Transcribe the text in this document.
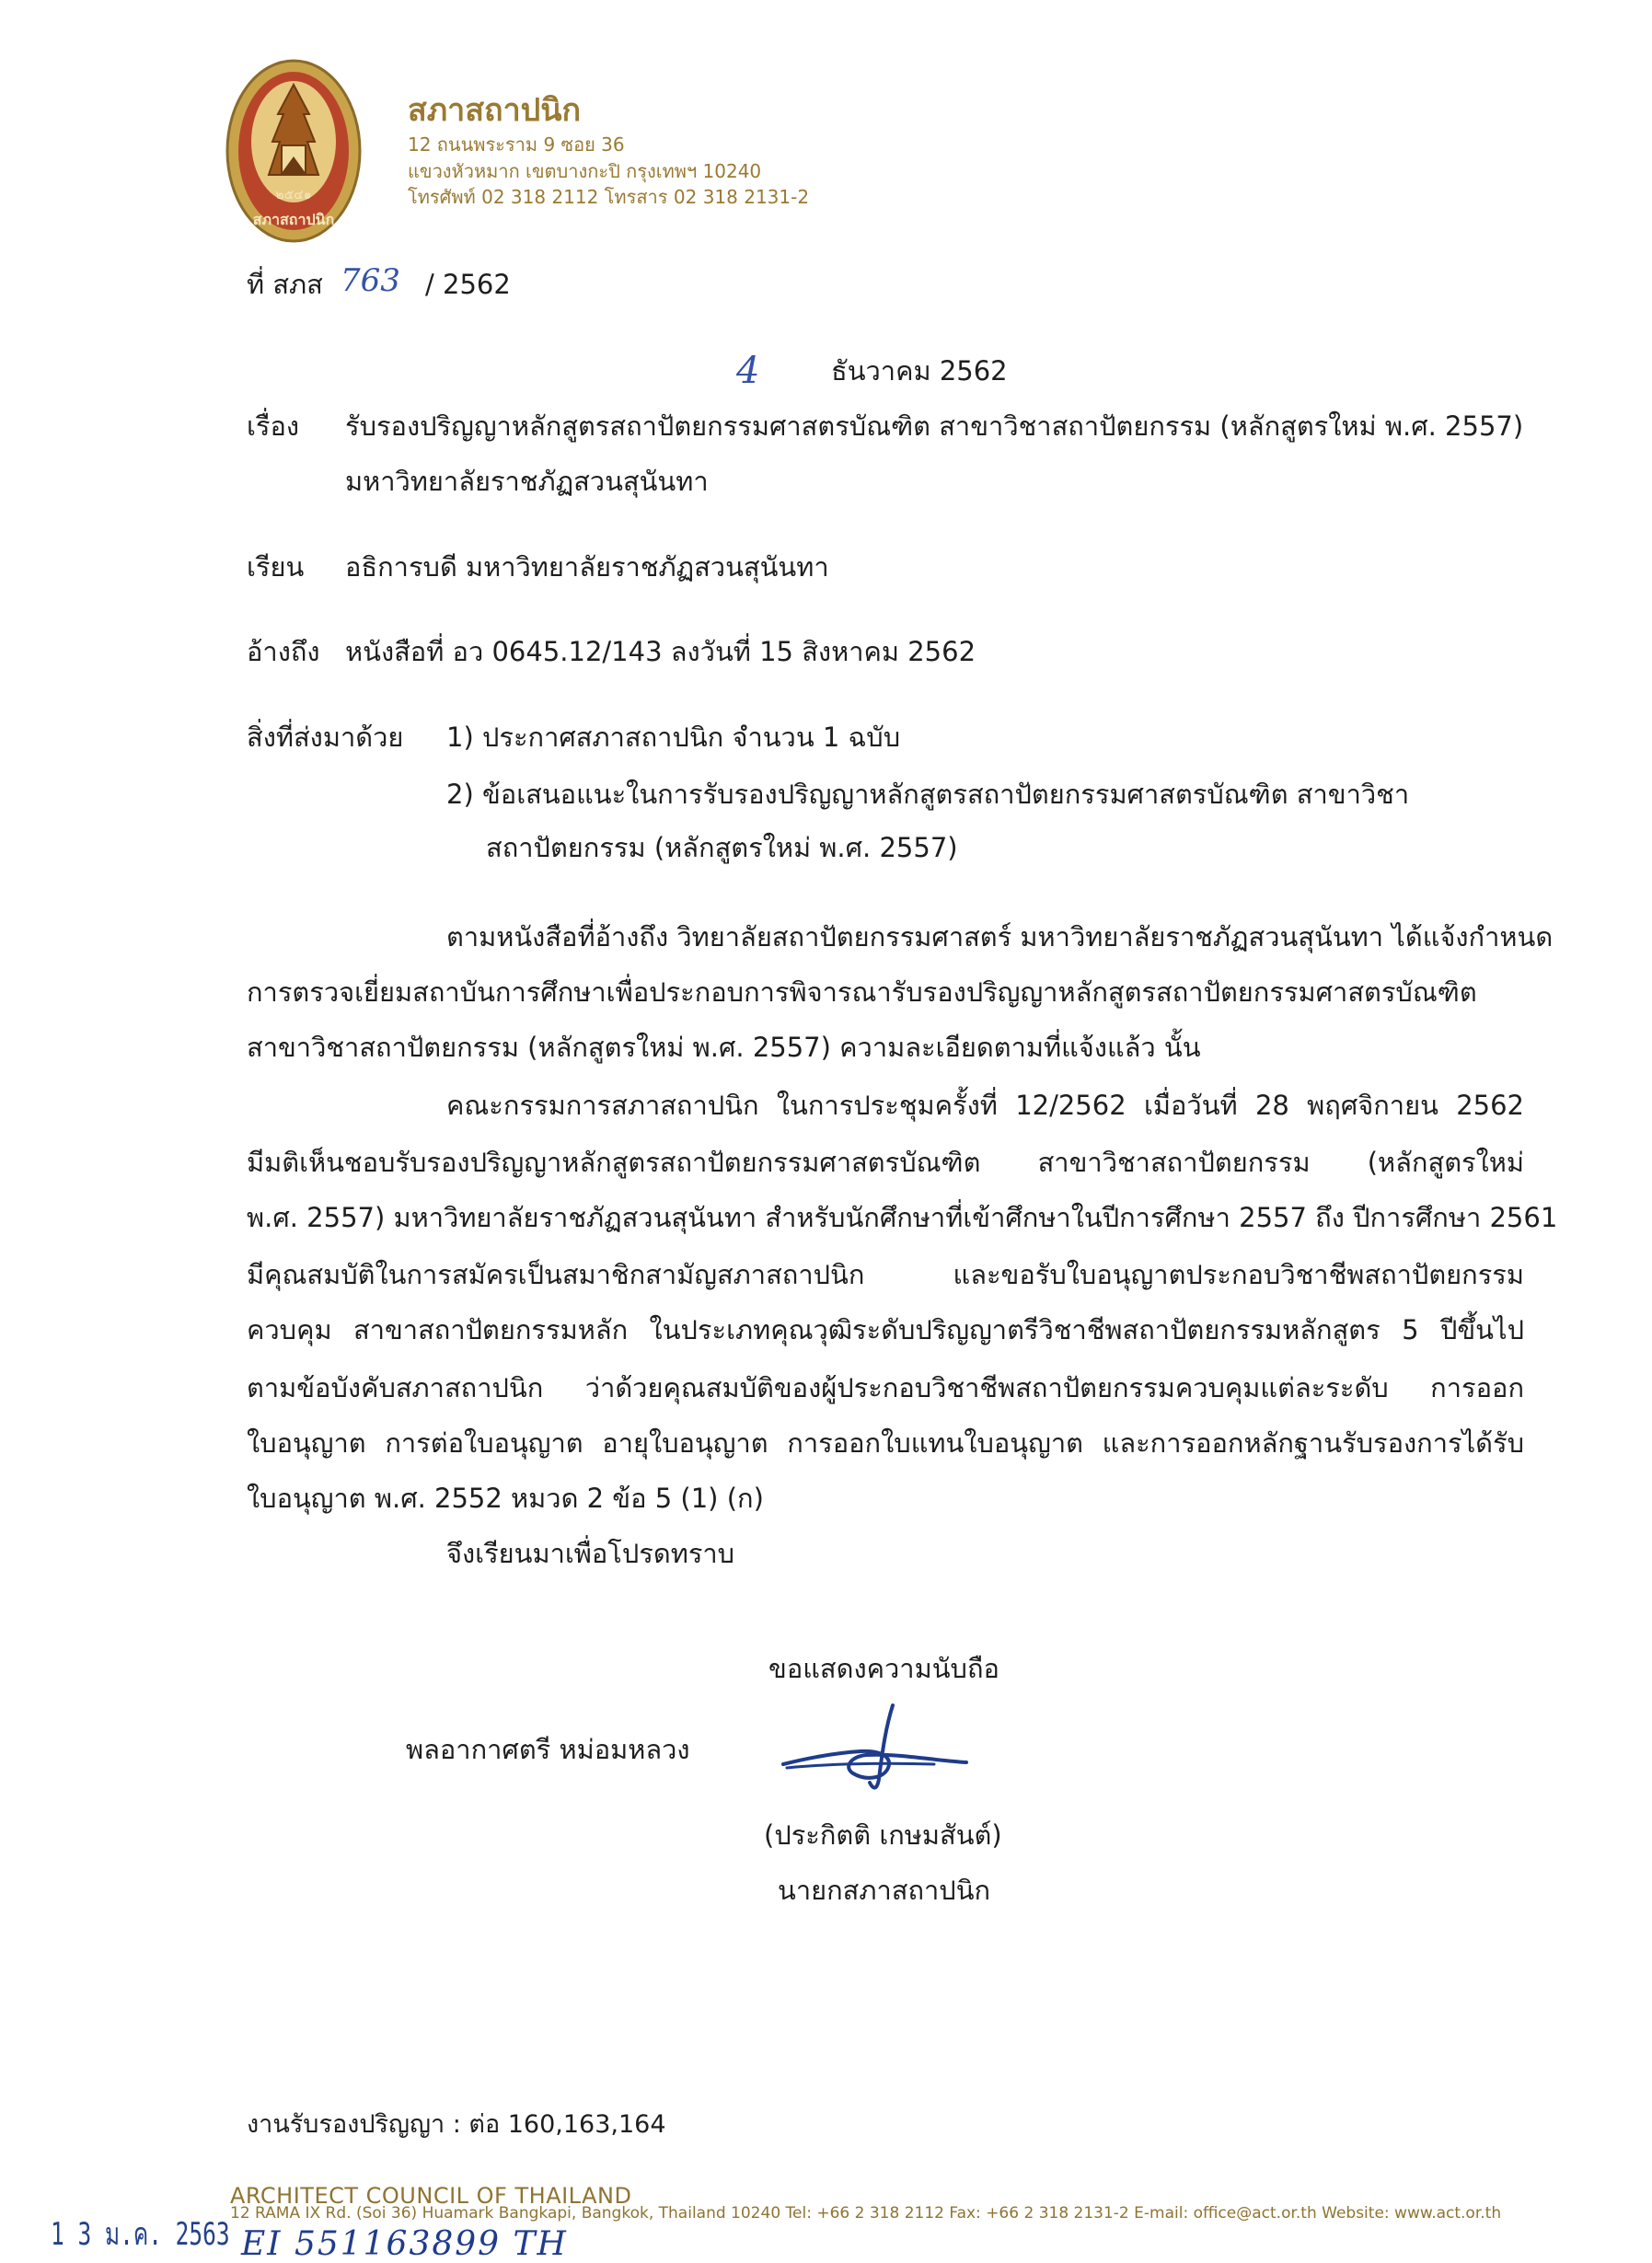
๒๕๔๑
สภาสถาปนิก
สภาสถาปนิก
12 ถนนพระราม 9 ซอย 36
แขวงหัวหมาก เขตบางกะปิ กรุงเทพฯ 10240
โทรศัพท์ 02 318 2112 โทรสาร 02 318 2131-2
ที่ สภส 763 / 2562
4	ธันวาคม 2562
เรื่อง รับรองปริญญาหลักสูตรสถาปัตยกรรมศาสตรบัณฑิต สาขาวิชาสถาปัตยกรรม (หลักสูตรใหม่ พ.ศ. 2557)
มหาวิทยาลัยราชภัฏสวนสุนันทา
เรียน อธิการบดี มหาวิทยาลัยราชภัฏสวนสุนันทา
อ้างถึง หนังสือที่ อว 0645.12/143 ลงวันที่ 15 สิงหาคม 2562
สิ่งที่ส่งมาด้วย 1) ประกาศสภาสถาปนิก จำนวน 1 ฉบับ
2) ข้อเสนอแนะในการรับรองปริญญาหลักสูตรสถาปัตยกรรมศาสตรบัณฑิต สาขาวิชา
สถาปัตยกรรม (หลักสูตรใหม่ พ.ศ. 2557)
ตามหนังสือที่อ้างถึง วิทยาลัยสถาปัตยกรรมศาสตร์ มหาวิทยาลัยราชภัฏสวนสุนันทา ได้แจ้งกำหนด
การตรวจเยี่ยมสถาบันการศึกษาเพื่อประกอบการพิจารณารับรองปริญญาหลักสูตรสถาปัตยกรรมศาสตรบัณฑิต
สาขาวิชาสถาปัตยกรรม (หลักสูตรใหม่ พ.ศ. 2557) ความละเอียดตามที่แจ้งแล้ว นั้น
คณะกรรมการสภาสถาปนิก ในการประชุมครั้งที่ 12/2562 เมื่อวันที่ 28 พฤศจิกายน 2562
มีมติเห็นชอบรับรองปริญญาหลักสูตรสถาปัตยกรรมศาสตรบัณฑิต สาขาวิชาสถาปัตยกรรม (หลักสูตรใหม่
พ.ศ. 2557) มหาวิทยาลัยราชภัฏสวนสุนันทา สำหรับนักศึกษาที่เข้าศึกษาในปีการศึกษา 2557 ถึง ปีการศึกษา 2561
มีคุณสมบัติในการสมัครเป็นสมาชิกสามัญสภาสถาปนิก และขอรับใบอนุญาตประกอบวิชาชีพสถาปัตยกรรม
ควบคุม สาขาสถาปัตยกรรมหลัก ในประเภทคุณวุฒิระดับปริญญาตรีวิชาชีพสถาปัตยกรรมหลักสูตร 5 ปีขึ้นไป
ตามข้อบังคับสภาสถาปนิก ว่าด้วยคุณสมบัติของผู้ประกอบวิชาชีพสถาปัตยกรรมควบคุมแต่ละระดับ การออก
ใบอนุญาต การต่อใบอนุญาต อายุใบอนุญาต การออกใบแทนใบอนุญาต และการออกหลักฐานรับรองการได้รับ
ใบอนุญาต พ.ศ. 2552 หมวด 2 ข้อ 5 (1) (ก)
จึงเรียนมาเพื่อโปรดทราบ
ขอแสดงความนับถือ
พลอากาศตรี หม่อมหลวง
(ประกิตติ เกษมสันต์)
นายกสภาสถาปนิก
งานรับรองปริญญา : ต่อ 160,163,164
ARCHITECT COUNCIL OF THAILAND
12 RAMA IX Rd. (Soi 36) Huamark Bangkapi, Bangkok, Thailand 10240 Tel: +66 2 318 2112 Fax: +66 2 318 2131-2 E-mail: office@act.or.th Website: www.act.or.th
1 3 ม.ค. 2563 EI 551163899 TH
